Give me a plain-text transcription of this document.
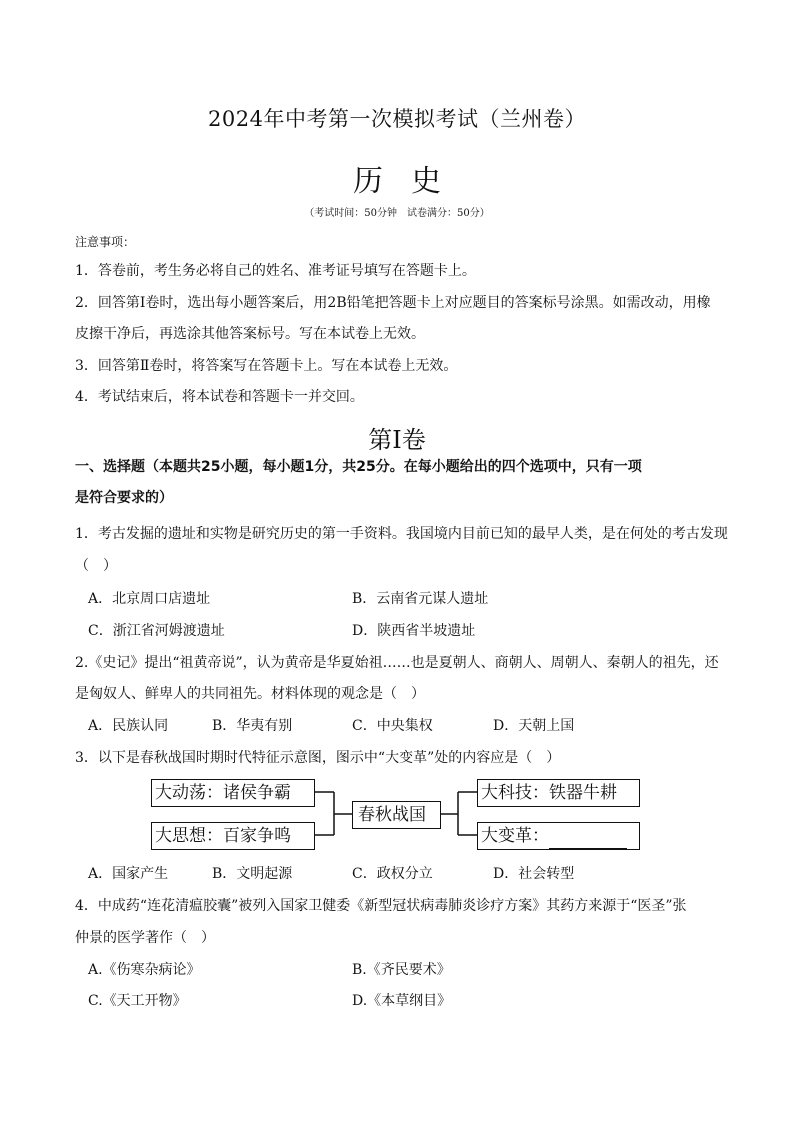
2024年中考第一次模拟考试（兰州卷）
历史
（考试时间：50分钟　试卷满分：50分）
注意事项：
1．答卷前，考生务必将自己的姓名、准考证号填写在答题卡上。
2．回答第Ⅰ卷时，选出每小题答案后，用2B铅笔把答题卡上对应题目的答案标号涂黑。如需改动，用橡
皮擦干净后，再选涂其他答案标号。写在本试卷上无效。
3．回答第Ⅱ卷时，将答案写在答题卡上。写在本试卷上无效。
4．考试结束后，将本试卷和答题卡一并交回。
第Ⅰ卷
一、选择题（本题共25小题，每小题1分，共25分。在每小题给出的四个选项中，只有一项
是符合要求的）
1．考古发掘的遗址和实物是研究历史的第一手资料。我国境内目前已知的最早人类，是在何处的考古发现
（　）
A．北京周口店遗址	B．云南省元谋人遗址
C．浙江省河姆渡遗址	D．陕西省半坡遗址
2.《史记》提出“祖黄帝说”，认为黄帝是华夏始祖……也是夏朝人、商朝人、周朝人、秦朝人的祖先，还
是匈奴人、鲜卑人的共同祖先。材料体现的观念是（　）
A．民族认同	B．华夷有别	C．中央集权	D．天朝上国
3．以下是春秋战国时期时代特征示意图，图示中“大变革”处的内容应是（　）
大动荡：诸侯争霸
大思想：百家争鸣
春秋战国
大科技：铁器牛耕
大变革：
A．国家产生	B．文明起源	C．政权分立	D．社会转型
4．中成药“连花清瘟胶囊”被列入国家卫健委《新型冠状病毒肺炎诊疗方案》其药方来源于“医圣”张
仲景的医学著作（　）
A.《伤寒杂病论》	B.《齐民要术》
C.《天工开物》	D.《本草纲目》
